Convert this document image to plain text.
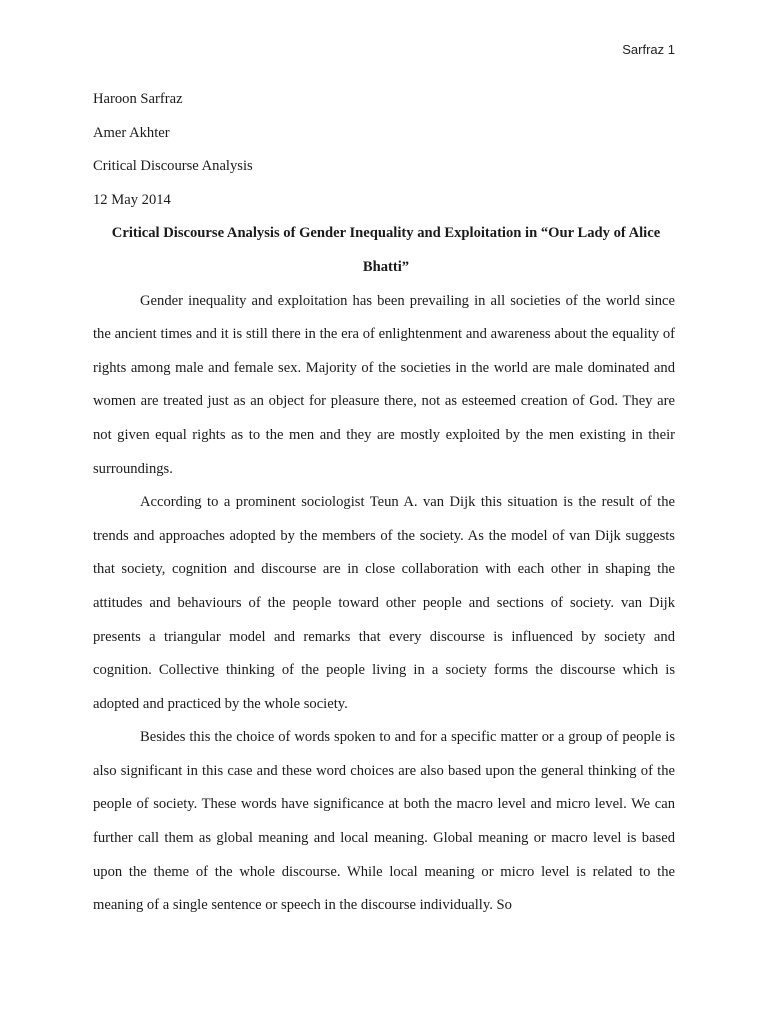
Sarfraz 1

Haroon Sarfraz

Amer Akhter

Critical Discourse Analysis

12 May 2014

Critical Discourse Analysis of Gender Inequality and Exploitation in “Our Lady of Alice Bhatti”

Gender inequality and exploitation has been prevailing in all societies of the world since the ancient times and it is still there in the era of enlightenment and awareness about the equality of rights among male and female sex. Majority of the societies in the world are male dominated and women are treated just as an object for pleasure there, not as esteemed creation of God. They are not given equal rights as to the men and they are mostly exploited by the men existing in their surroundings.

According to a prominent sociologist Teun A. van Dijk this situation is the result of the trends and approaches adopted by the members of the society. As the model of van Dijk suggests that society, cognition and discourse are in close collaboration with each other in shaping the attitudes and behaviours of the people toward other people and sections of society. van Dijk presents a triangular model and remarks that every discourse is influenced by society and cognition. Collective thinking of the people living in a society forms the discourse which is adopted and practiced by the whole society.

Besides this the choice of words spoken to and for a specific matter or a group of people is also significant in this case and these word choices are also based upon the general thinking of the people of society. These words have significance at both the macro level and micro level. We can further call them as global meaning and local meaning. Global meaning or macro level is based upon the theme of the whole discourse. While local meaning or micro level is related to the meaning of a single sentence or speech in the discourse individually. So
